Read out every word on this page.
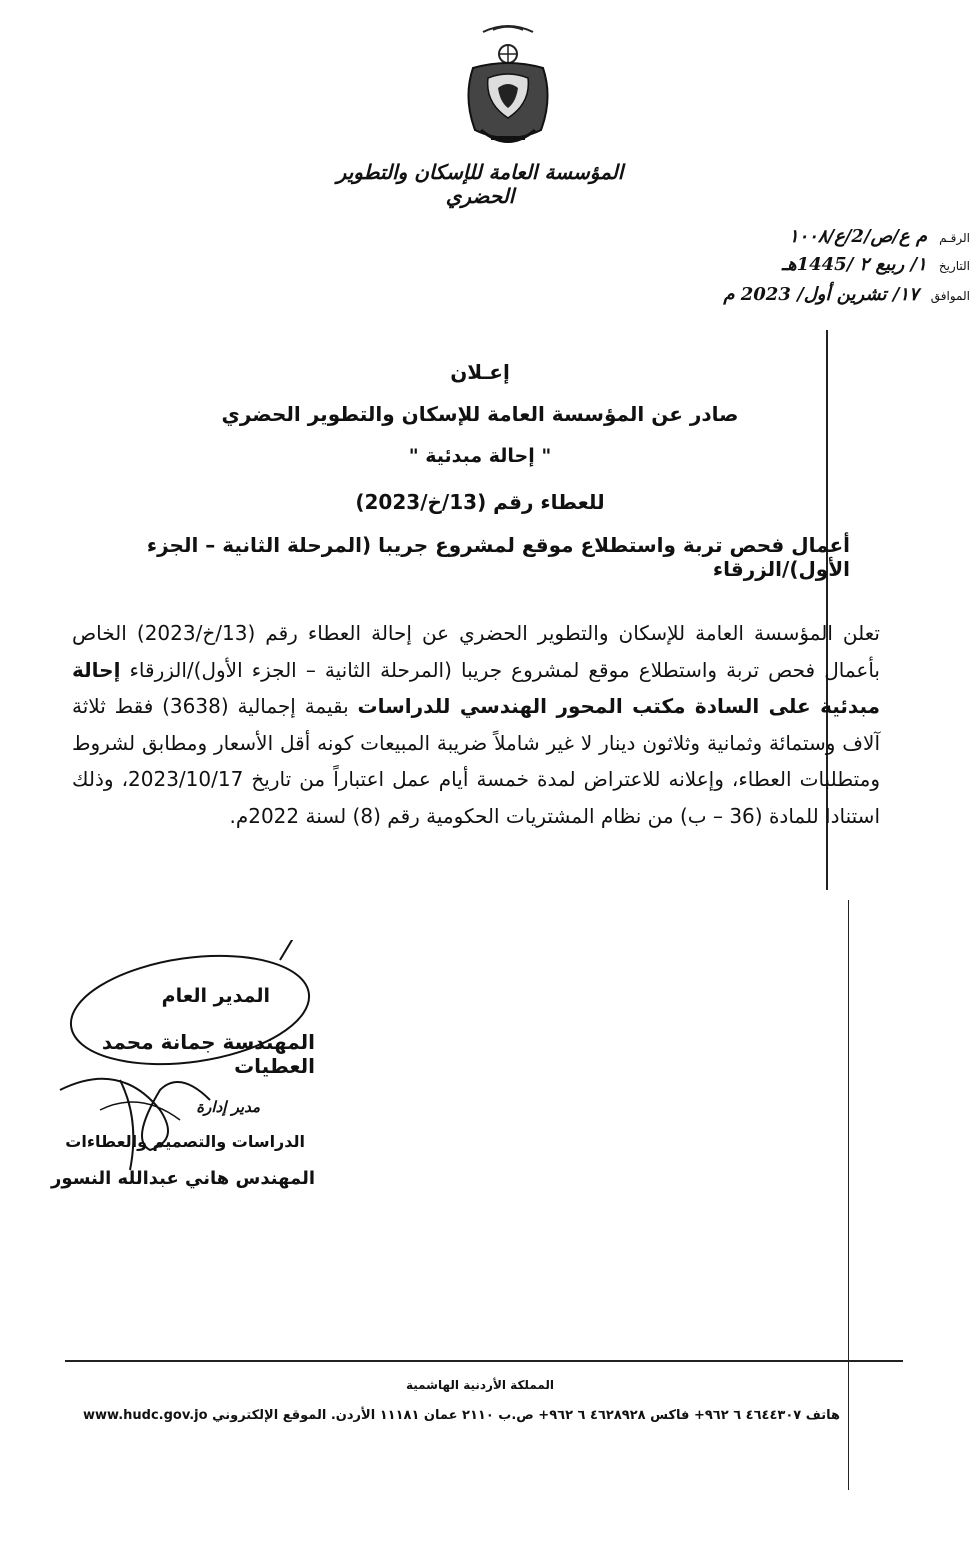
المؤسسة العامة للإسكان والتطوير الحضري
الرقـم م ع/ص/2/ع/١٠٠٨
التاريخ ١/ ربيع ٢ /1445هـ
الموافق ١٧/ تشرين أول/ 2023 م
إعـلان
صادر عن المؤسسة العامة للإسكان والتطوير الحضري
" إحالة مبدئية "
للعطاء رقم (13/خ/2023)
أعمال فحص تربة واستطلاع موقع لمشروع جريبا (المرحلة الثانية – الجزء الأول)/الزرقاء
تعلن المؤسسة العامة للإسكان والتطوير الحضري عن إحالة العطاء رقم (13/خ/2023) الخاص بأعمال فحص تربة واستطلاع موقع لمشروع جريبا (المرحلة الثانية – الجزء الأول)/الزرقاء إحالة مبدئية على السادة مكتب المحور الهندسي للدراسات بقيمة إجمالية (3638) فقط ثلاثة آلاف وستمائة وثمانية وثلاثون دينار لا غير شاملاً ضريبة المبيعات كونه أقل الأسعار ومطابق لشروط ومتطلبات العطاء، وإعلانه للاعتراض لمدة خمسة أيام عمل اعتباراً من تاريخ 2023/10/17، وذلك استنادا للمادة (36 – ب) من نظام المشتريات الحكومية رقم (8) لسنة 2022م.
المدير العام
المهندسة جمانة محمد العطيات
مدير إدارة
الدراسات والتصميم والعطاءات
المهندس هاني عبدالله النسور
المملكة الأردنية الهاشمية
هاتف ٤٦٤٤٣٠٧ ٦ ٩٦٢+ فاكس ٤٦٢٨٩٢٨ ٦ ٩٦٢+ ص.ب ٢١١٠ عمان ١١١٨١ الأردن. الموقع الإلكتروني www.hudc.gov.jo
